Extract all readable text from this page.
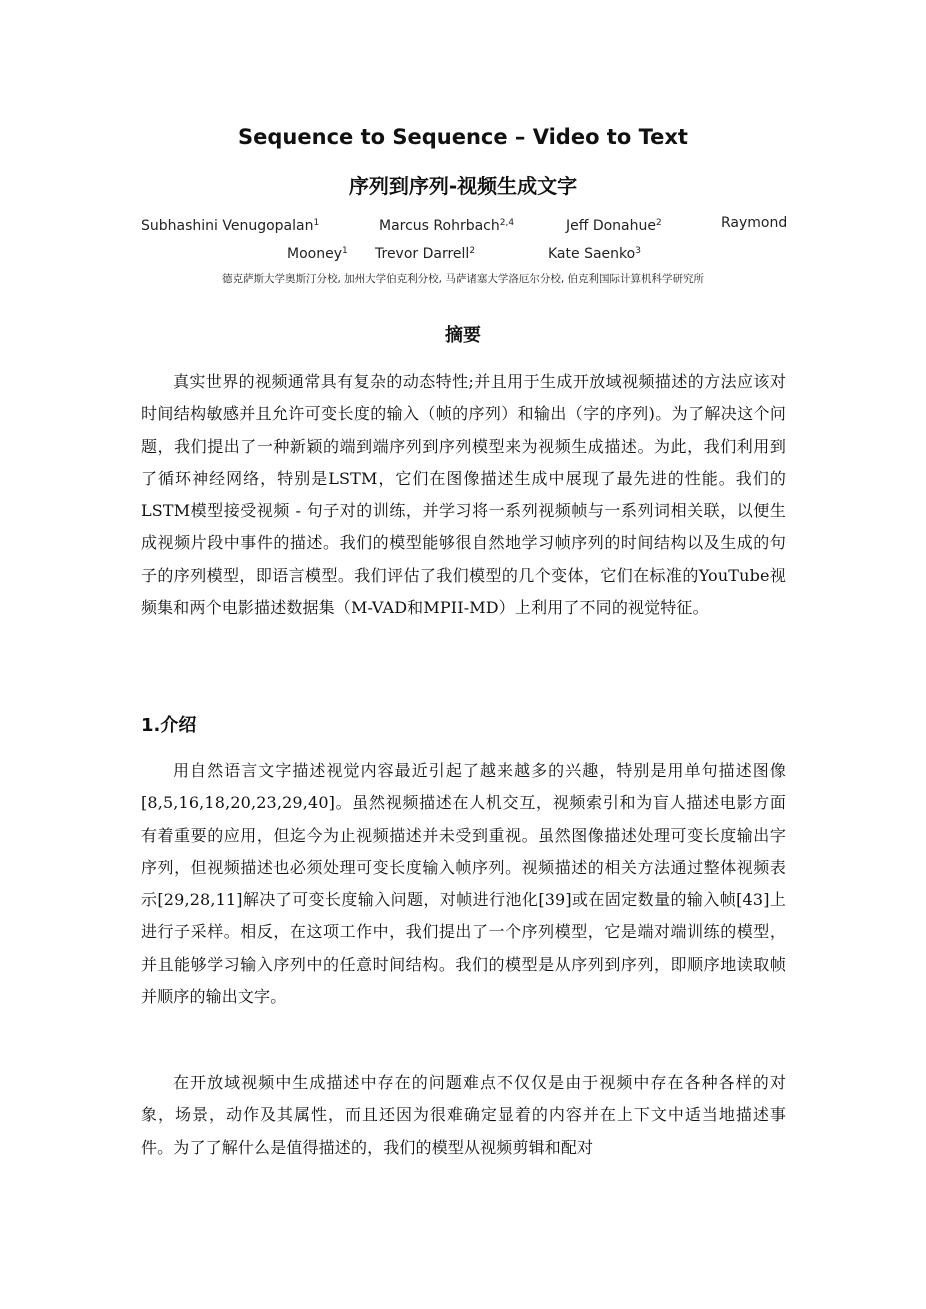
Sequence to Sequence – Video to Text
序列到序列-视频生成文字
Subhashini Venugopalan$^1$	Marcus Rohrbach$^{2,4}$	Jeff Donahue$^2$	Raymond
Mooney$^1$ Trevor Darrell$^2$	Kate Saenko$^3$
德克萨斯大学奥斯汀分校, 加州大学伯克利分校, 马萨诸塞大学洛厄尔分校, 伯克利国际计算机科学研究所
摘要

真实世界的视频通常具有复杂的动态特性;并且用于生成开放域视频描述的方法应该对时间结构敏感并且允许可变长度的输入（帧的序列）和输出（字的序列)。为了解决这个问题，我们提出了一种新颖的端到端序列到序列模型来为视频生成描述。为此，我们利用到了循环神经网络，特别是LSTM，它们在图像描述生成中展现了最先进的性能。我们的LSTM模型接受视频 - 句子对的训练，并学习将一系列视频帧与一系列词相关联，以便生成视频片段中事件的描述。我们的模型能够很自然地学习帧序列的时间结构以及生成的句子的序列模型，即语言模型。我们评估了我们模型的几个变体，它们在标准的YouTube视频集和两个电影描述数据集（M-VAD和MPII-MD）上利用了不同的视觉特征。

1.介绍

用自然语言文字描述视觉内容最近引起了越来越多的兴趣，特别是用单句描述图像[8,5,16,18,20,23,29,40]。虽然视频描述在人机交互，视频索引和为盲人描述电影方面有着重要的应用，但迄今为止视频描述并未受到重视。虽然图像描述处理可变长度输出字序列，但视频描述也必须处理可变长度输入帧序列。视频描述的相关方法通过整体视频表示[29,28,11]解决了可变长度输入问题，对帧进行池化[39]或在固定数量的输入帧[43]上进行子采样。相反，在这项工作中，我们提出了一个序列模型，它是端对端训练的模型，并且能够学习输入序列中的任意时间结构。我们的模型是从序列到序列，即顺序地读取帧并顺序的输出文字。

在开放域视频中生成描述中存在的问题难点不仅仅是由于视频中存在各种各样的对象，场景，动作及其属性，而且还因为很难确定显着的内容并在上下文中适当地描述事件。为了了解什么是值得描述的，我们的模型从视频剪辑和配对
